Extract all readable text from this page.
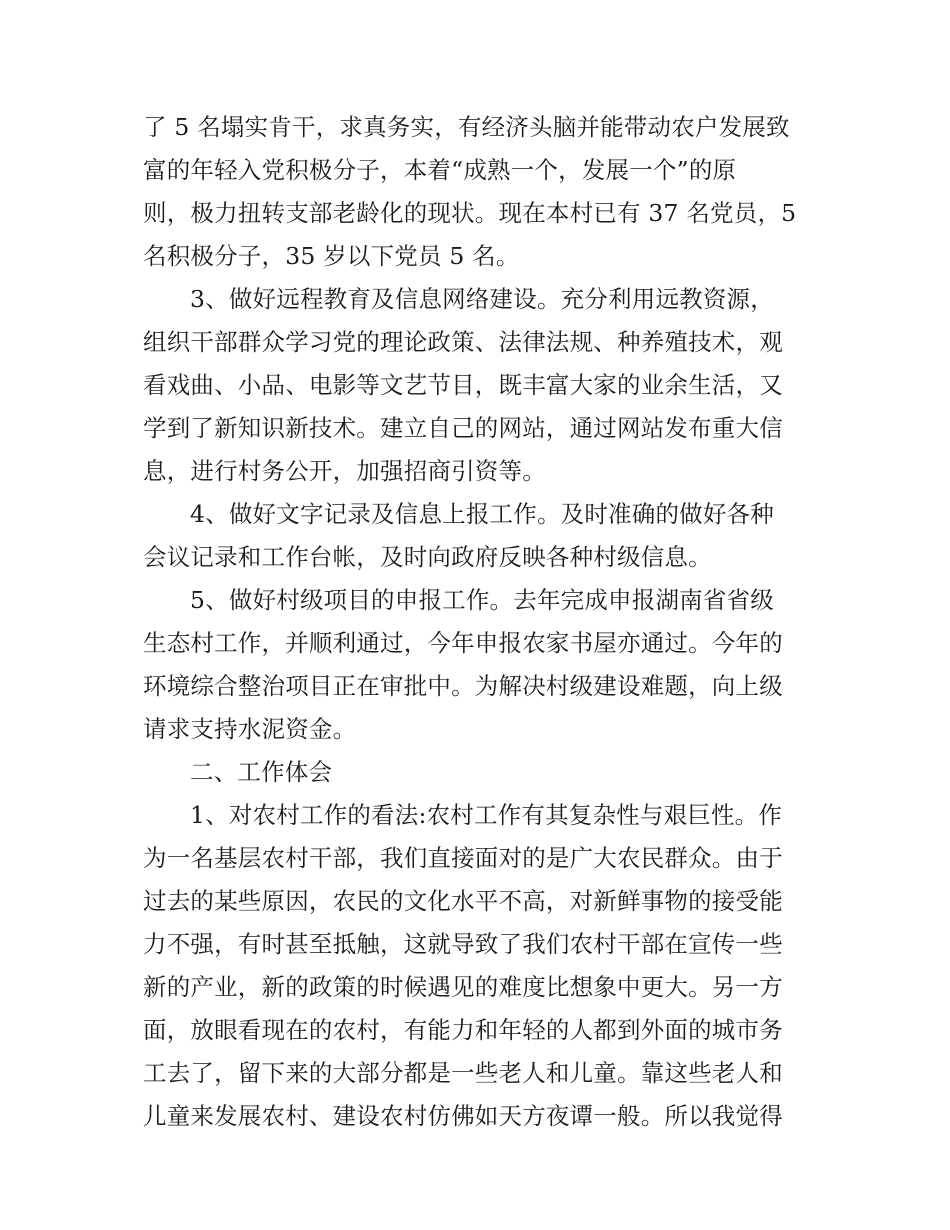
了 5 名塌实肯干，求真务实，有经济头脑并能带动农户发展致
富的年轻入党积极分子，本着“成熟一个，发展一个”的原
则，极力扭转支部老龄化的现状。现在本村已有 37 名党员，5
名积极分子，35 岁以下党员 5 名。

3、做好远程教育及信息网络建设。充分利用远教资源，
组织干部群众学习党的理论政策、法律法规、种养殖技术，观
看戏曲、小品、电影等文艺节目，既丰富大家的业余生活，又
学到了新知识新技术。建立自己的网站，通过网站发布重大信
息，进行村务公开，加强招商引资等。

4、做好文字记录及信息上报工作。及时准确的做好各种
会议记录和工作台帐，及时向政府反映各种村级信息。

5、做好村级项目的申报工作。去年完成申报湖南省省级
生态村工作，并顺利通过，今年申报农家书屋亦通过。今年的
环境综合整治项目正在审批中。为解决村级建设难题，向上级
请求支持水泥资金。

二、工作体会

1、对农村工作的看法:农村工作有其复杂性与艰巨性。作
为一名基层农村干部，我们直接面对的是广大农民群众。由于
过去的某些原因，农民的文化水平不高，对新鲜事物的接受能
力不强，有时甚至抵触，这就导致了我们农村干部在宣传一些
新的产业，新的政策的时候遇见的难度比想象中更大。另一方
面，放眼看现在的农村，有能力和年轻的人都到外面的城市务
工去了，留下来的大部分都是一些老人和儿童。靠这些老人和
儿童来发展农村、建设农村仿佛如天方夜谭一般。所以我觉得
